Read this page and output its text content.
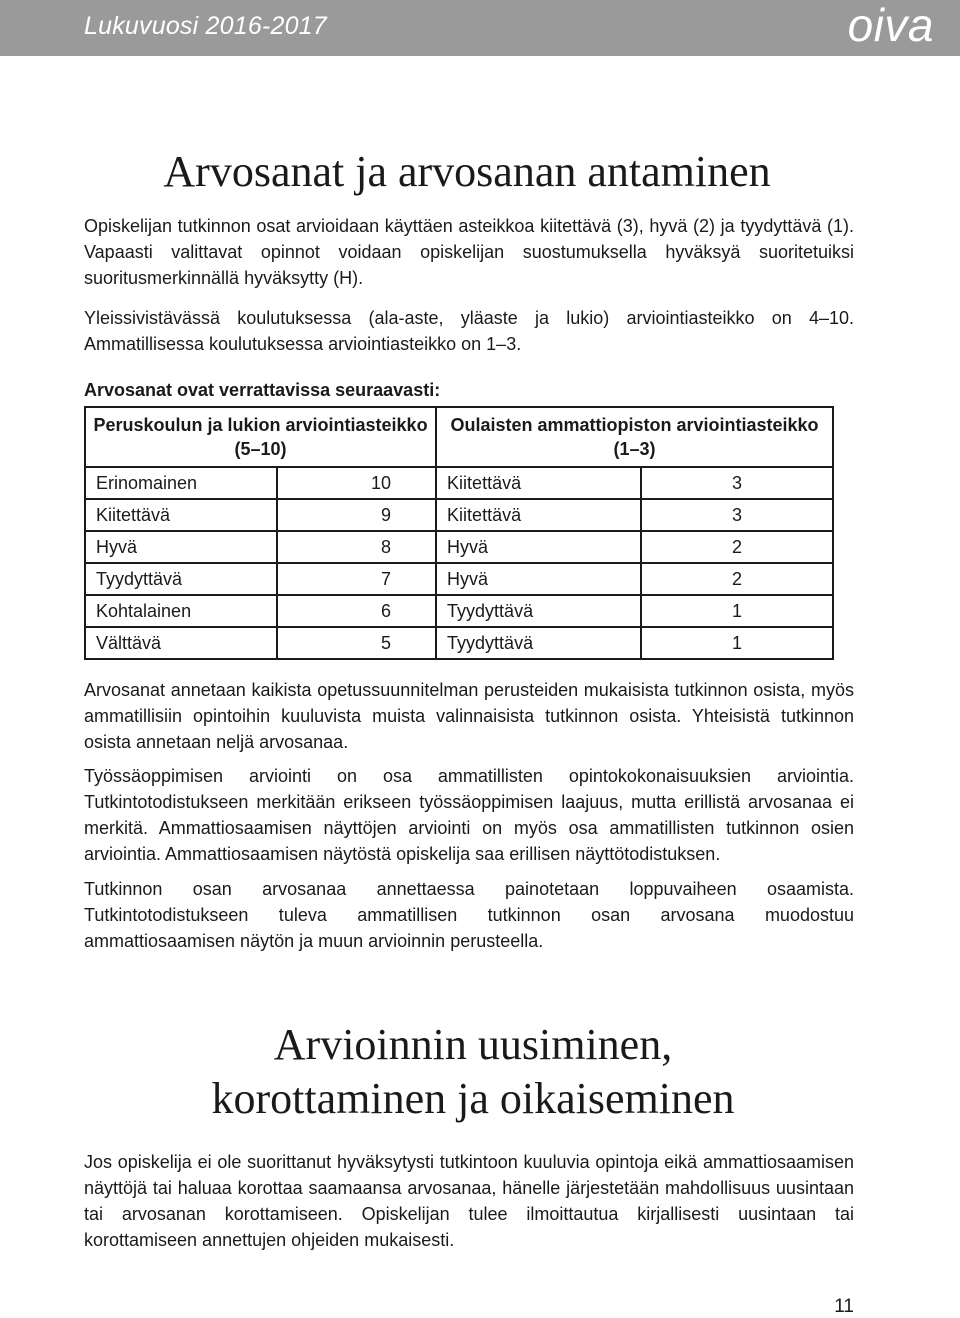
Lukuvuosi 2016-2017	oiva
Arvosanat ja arvosanan antaminen

Opiskelijan tutkinnon osat arvioidaan käyttäen asteikkoa kiitettävä (3), hyvä (2) ja tyydyttävä (1). Vapaasti valittavat opinnot voidaan opiskelijan suostumuksella hyväksyä suoritetuiksi suoritusmerkinnällä hyväksytty (H).

Yleissivistävässä koulutuksessa (ala-aste, yläaste ja lukio) arviointiasteikko on 4–10. Ammatillisessa koulutuksessa arviointiasteikko on 1–3.

Arvosanat ovat verrattavissa seuraavasti:
Peruskoulun ja lukion arviointiasteikko (5–10)		Oulaisten ammattiopiston arviointiasteikko (1–3)	
Erinomainen	10	Kiitettävä	3
Kiitettävä	9	Kiitettävä	3
Hyvä	8	Hyvä	2
Tyydyttävä	7	Hyvä	2
Kohtalainen	6	Tyydyttävä	1
Välttävä	5	Tyydyttävä	1

Arvosanat annetaan kaikista opetussuunnitelman perusteiden mukaisista tutkinnon osista, myös ammatillisiin opintoihin kuuluvista muista valinnaisista tutkinnon osista. Yhteisistä tutkinnon osista annetaan neljä arvosanaa.

Työssäoppimisen arviointi on osa ammatillisten opintokokonaisuuksien arviointia. Tutkintotodistukseen merkitään erikseen työssäoppimisen laajuus, mutta erillistä arvosanaa ei merkitä. Ammattiosaamisen näyttöjen arviointi on myös osa ammatillisten tutkinnon osien arviointia. Ammattiosaamisen näytöstä opiskelija saa erillisen näyttötodistuksen.

Tutkinnon osan arvosanaa annettaessa painotetaan loppuvaiheen osaamista. Tutkintotodistukseen tuleva ammatillisen tutkinnon osan arvosana muodostuu ammattiosaamisen näytön ja muun arvioinnin perusteella.

Arvioinnin uusiminen,
korottaminen ja oikaiseminen

Jos opiskelija ei ole suorittanut hyväksytysti tutkintoon kuuluvia opintoja eikä ammattiosaamisen näyttöjä tai haluaa korottaa saamaansa arvosanaa, hänelle järjestetään mahdollisuus uusintaan tai arvosanan korottamiseen. Opiskelijan tulee ilmoittautua kirjallisesti uusintaan tai korottamiseen annettujen ohjeiden mukaisesti.

11
